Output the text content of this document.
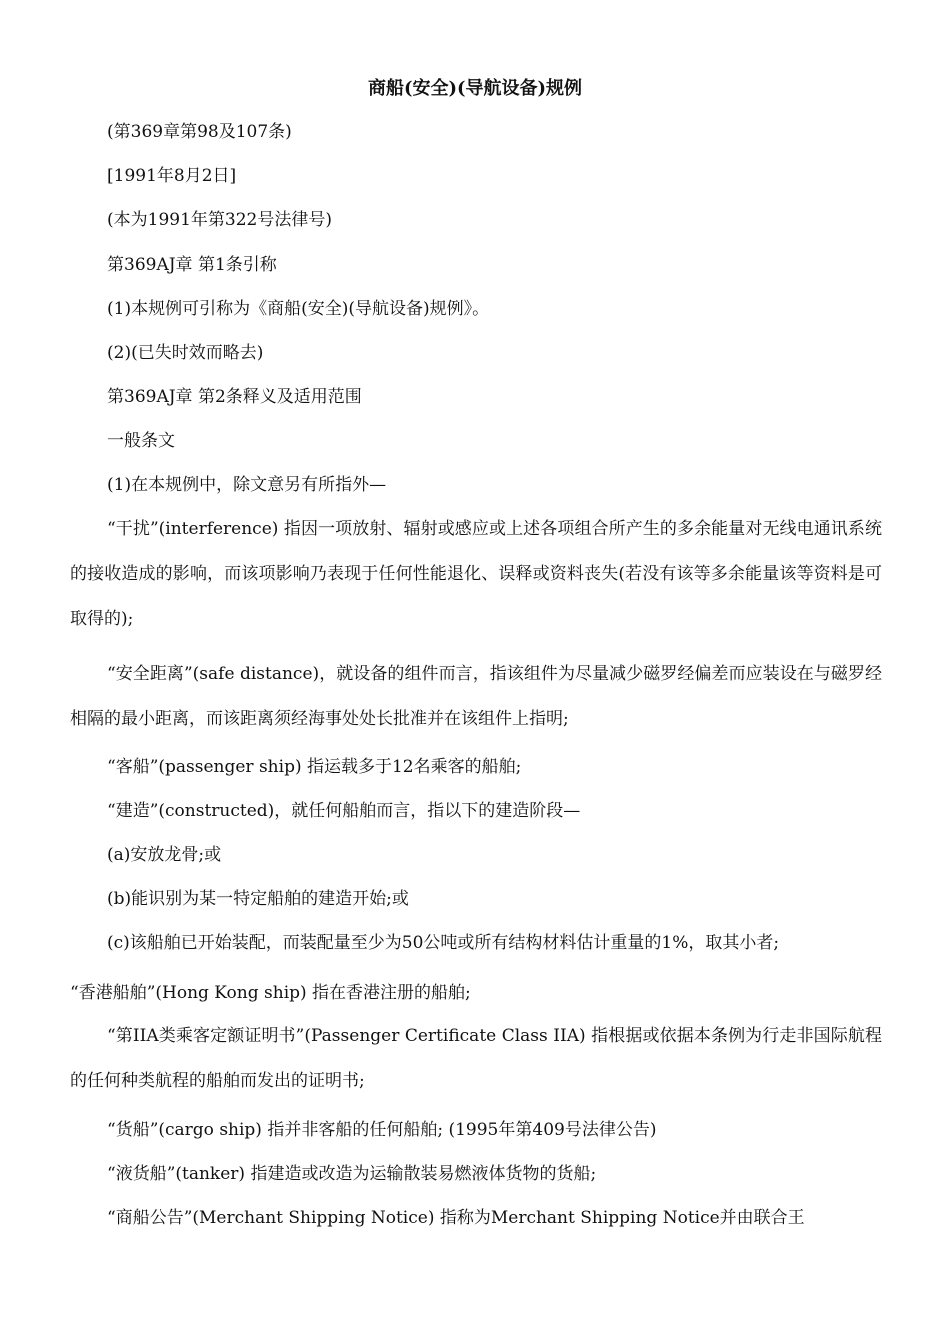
商船(安全)(导航设备)规例
(第369章第98及107条)
[1991年8月2日]
(本为1991年第322号法律号)
第369AJ章 第1条引称
(1)本规例可引称为《商船(安全)(导航设备)规例》。
(2)(已失时效而略去)
第369AJ章 第2条释义及适用范围
一般条文
(1)在本规例中，除文意另有所指外—
“干扰”(interference) 指因一项放射、辐射或感应或上述各项组合所产生的多余能量对无线电通讯系统的接收造成的影响，而该项影响乃表现于任何性能退化、误释或资料丧失(若没有该等多余能量该等资料是可取得的);
“安全距离”(safe distance)，就设备的组件而言，指该组件为尽量减少磁罗经偏差而应装设在与磁罗经相隔的最小距离，而该距离须经海事处处长批准并在该组件上指明;
“客船”(passenger ship) 指运载多于12名乘客的船舶;
“建造”(constructed)，就任何船舶而言，指以下的建造阶段—
(a)安放龙骨;或
(b)能识别为某一特定船舶的建造开始;或
(c)该船舶已开始装配，而装配量至少为50公吨或所有结构材料估计重量的1%，取其小者;
“香港船舶”(Hong Kong ship) 指在香港注册的船舶;
“第IIA类乘客定额证明书”(Passenger Certificate Class IIA) 指根据或依据本条例为行走非国际航程的任何种类航程的船舶而发出的证明书;
“货船”(cargo ship) 指并非客船的任何船舶; (1995年第409号法律公告)
“液货船”(tanker) 指建造或改造为运输散装易燃液体货物的货船;
“商船公告”(Merchant Shipping Notice) 指称为Merchant Shipping Notice并由联合王
